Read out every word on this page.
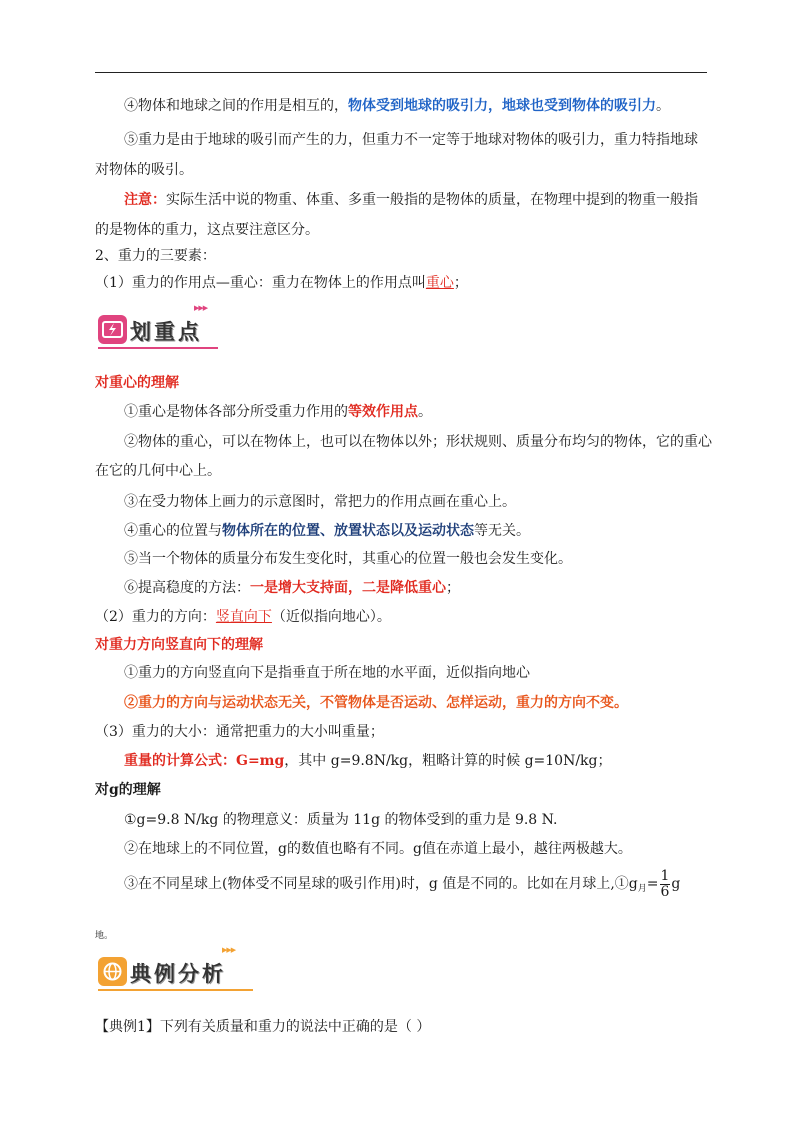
④物体和地球之间的作用是相互的，物体受到地球的吸引力，地球也受到物体的吸引力。
⑤重力是由于地球的吸引而产生的力，但重力不一定等于地球对物体的吸引力，重力特指地球
对物体的吸引。
注意：实际生活中说的物重、体重、多重一般指的是物体的质量，在物理中提到的物重一般指
的是物体的重力，这点要注意区分。
2、重力的三要素：
（1）重力的作用点—重心：重力在物体上的作用点叫重心；
▶▶▶
划重点
对重心的理解
①重心是物体各部分所受重力作用的等效作用点。
②物体的重心，可以在物体上，也可以在物体以外；形状规则、质量分布均匀的物体，它的重心
在它的几何中心上。
③在受力物体上画力的示意图时，常把力的作用点画在重心上。
④重心的位置与物体所在的位置、放置状态以及运动状态等无关。
⑤当一个物体的质量分布发生变化时，其重心的位置一般也会发生变化。
⑥提高稳度的方法：一是增大支持面，二是降低重心；
（2）重力的方向：竖直向下（近似指向地心）。
对重力方向竖直向下的理解
①重力的方向竖直向下是指垂直于所在地的水平面，近似指向地心
②重力的方向与运动状态无关，不管物体是否运动、怎样运动，重力的方向不变。
（3）重力的大小：通常把重力的大小叫重量；
重量的计算公式：G=mg，其中 g=9.8N/kg，粗略计算的时候 g=10N/kg；
对g的理解
①g=9.8 N/kg 的物理意义：质量为 11g 的物体受到的重力是 9.8 N.
②在地球上的不同位置，g的数值也略有不同。g值在赤道上最小，越往两极越大。
③在不同星球上(物体受不同星球的吸引作用)时，g 值是不同的。比如在月球上$,①g_月= \frac{1}{6}$ g
地。
▶▶▶
典例分析
【典例1】下列有关质量和重力的说法中正确的是（ ）
